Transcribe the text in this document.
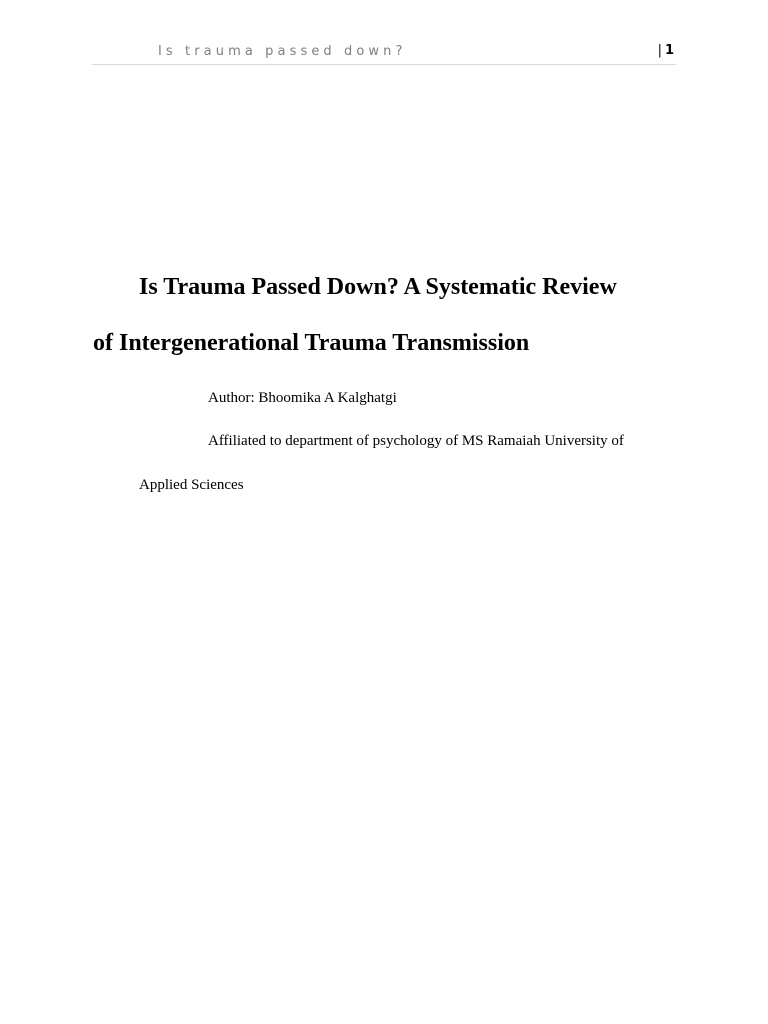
Is trauma passed down?	| 1
Is Trauma Passed Down? A Systematic Review
of Intergenerational Trauma Transmission
Author: Bhoomika A Kalghatgi
Affiliated to department of psychology of MS Ramaiah University of
Applied Sciences
